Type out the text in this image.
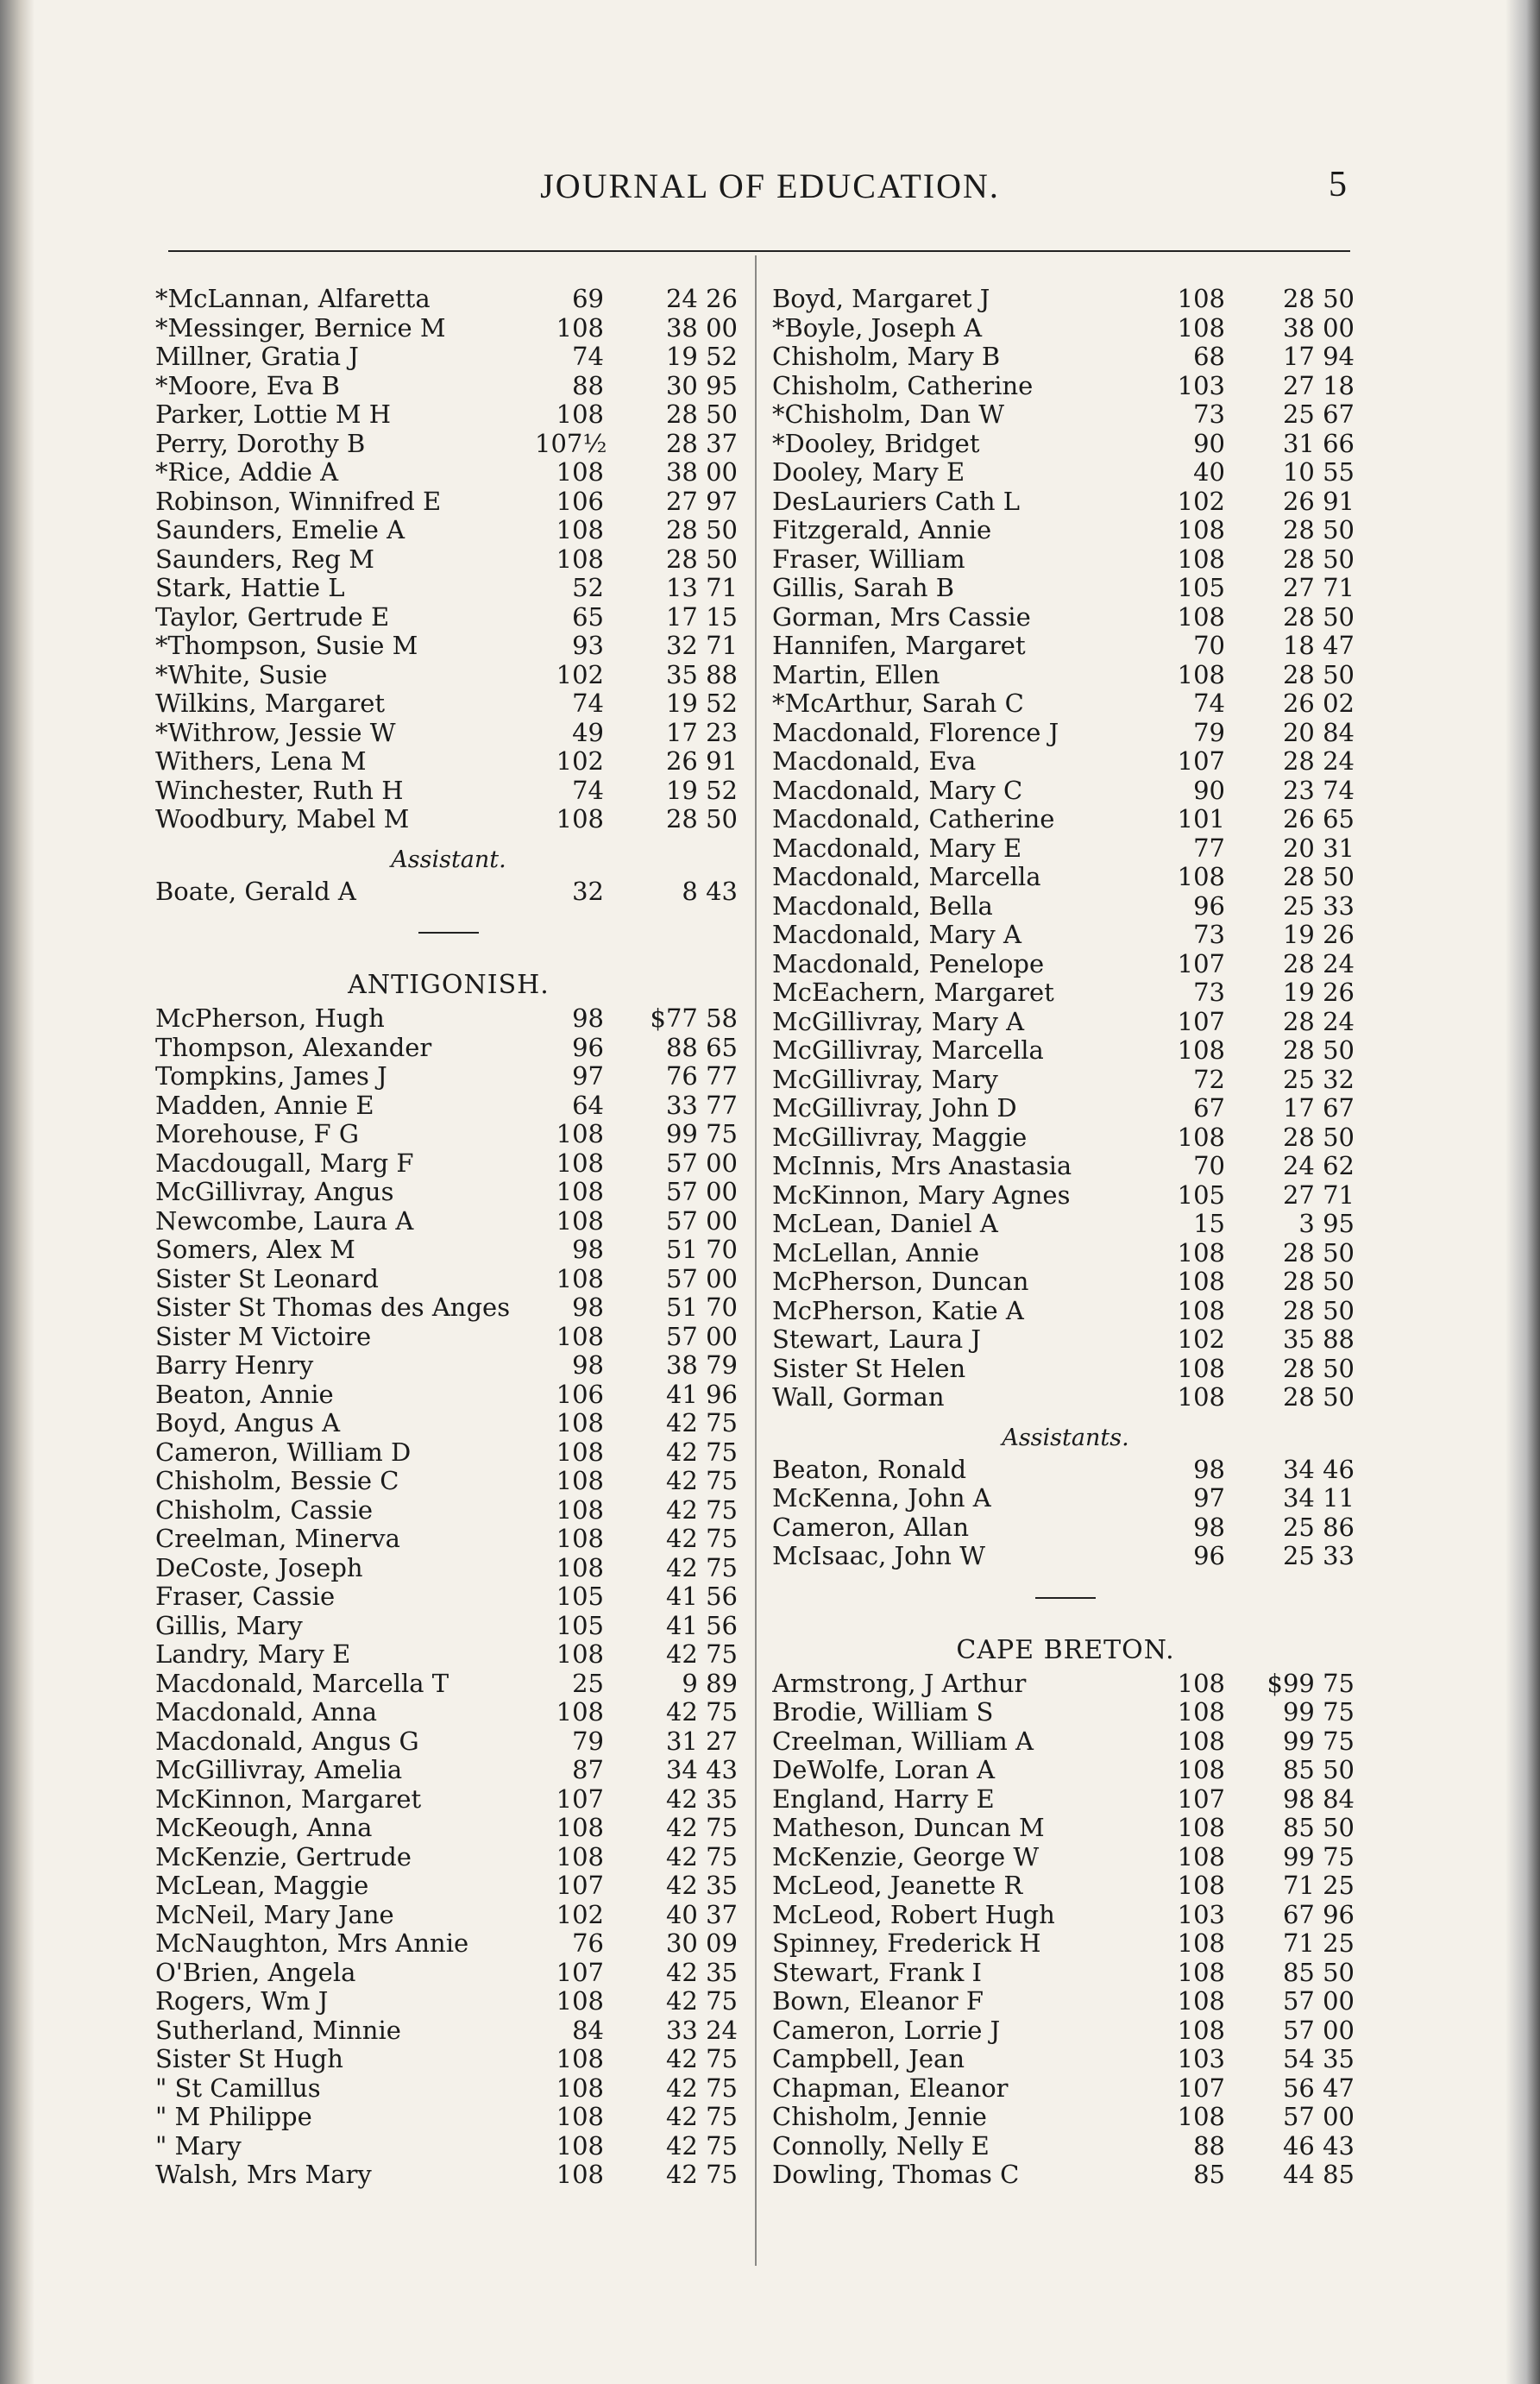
JOURNAL OF EDUCATION.	5
*McLannan, Alfaretta	69	24 26
*Messinger, Bernice M	108	38 00
Millner, Gratia J	74	19 52
*Moore, Eva B	88	30 95
Parker, Lottie M H	108	28 50
Perry, Dorothy B	107½	28 37
*Rice, Addie A	108	38 00
Robinson, Winnifred E	106	27 97
Saunders, Emelie A	108	28 50
Saunders, Reg M	108	28 50
Stark, Hattie L	52	13 71
Taylor, Gertrude E	65	17 15
*Thompson, Susie M	93	32 71
*White, Susie	102	35 88
Wilkins, Margaret	74	19 52
*Withrow, Jessie W	49	17 23
Withers, Lena M	102	26 91
Winchester, Ruth H	74	19 52
Woodbury, Mabel M	108	28 50
Assistant.
Boate, Gerald A	32	8 43
ANTIGONISH.
McPherson, Hugh	98	$77 58
Thompson, Alexander	96	88 65
Tompkins, James J	97	76 77
Madden, Annie E	64	33 77
Morehouse, F G	108	99 75
Macdougall, Marg F	108	57 00
McGillivray, Angus	108	57 00
Newcombe, Laura A	108	57 00
Somers, Alex M	98	51 70
Sister St Leonard	108	57 00
Sister St Thomas des Anges	98	51 70
Sister M Victoire	108	57 00
Barry Henry	98	38 79
Beaton, Annie	106	41 96
Boyd, Angus A	108	42 75
Cameron, William D	108	42 75
Chisholm, Bessie C	108	42 75
Chisholm, Cassie	108	42 75
Creelman, Minerva	108	42 75
DeCoste, Joseph	108	42 75
Fraser, Cassie	105	41 56
Gillis, Mary	105	41 56
Landry, Mary E	108	42 75
Macdonald, Marcella T	25	9 89
Macdonald, Anna	108	42 75
Macdonald, Angus G	79	31 27
McGillivray, Amelia	87	34 43
McKinnon, Margaret	107	42 35
McKeough, Anna	108	42 75
McKenzie, Gertrude	108	42 75
McLean, Maggie	107	42 35
McNeil, Mary Jane	102	40 37
McNaughton, Mrs Annie	76	30 09
O'Brien, Angela	107	42 35
Rogers, Wm J	108	42 75
Sutherland, Minnie	84	33 24
Sister St Hugh	108	42 75
" St Camillus	108	42 75
" M Philippe	108	42 75
" Mary	108	42 75
Walsh, Mrs Mary	108	42 75
Boyd, Margaret J	108	28 50
*Boyle, Joseph A	108	38 00
Chisholm, Mary B	68	17 94
Chisholm, Catherine	103	27 18
*Chisholm, Dan W	73	25 67
*Dooley, Bridget	90	31 66
Dooley, Mary E	40	10 55
DesLauriers Cath L	102	26 91
Fitzgerald, Annie	108	28 50
Fraser, William	108	28 50
Gillis, Sarah B	105	27 71
Gorman, Mrs Cassie	108	28 50
Hannifen, Margaret	70	18 47
Martin, Ellen	108	28 50
*McArthur, Sarah C	74	26 02
Macdonald, Florence J	79	20 84
Macdonald, Eva	107	28 24
Macdonald, Mary C	90	23 74
Macdonald, Catherine	101	26 65
Macdonald, Mary E	77	20 31
Macdonald, Marcella	108	28 50
Macdonald, Bella	96	25 33
Macdonald, Mary A	73	19 26
Macdonald, Penelope	107	28 24
McEachern, Margaret	73	19 26
McGillivray, Mary A	107	28 24
McGillivray, Marcella	108	28 50
McGillivray, Mary	72	25 32
McGillivray, John D	67	17 67
McGillivray, Maggie	108	28 50
McInnis, Mrs Anastasia	70	24 62
McKinnon, Mary Agnes	105	27 71
McLean, Daniel A	15	3 95
McLellan, Annie	108	28 50
McPherson, Duncan	108	28 50
McPherson, Katie A	108	28 50
Stewart, Laura J	102	35 88
Sister St Helen	108	28 50
Wall, Gorman	108	28 50
Assistants.
Beaton, Ronald	98	34 46
McKenna, John A	97	34 11
Cameron, Allan	98	25 86
McIsaac, John W	96	25 33
CAPE BRETON.
Armstrong, J Arthur	108	$99 75
Brodie, William S	108	99 75
Creelman, William A	108	99 75
DeWolfe, Loran A	108	85 50
England, Harry E	107	98 84
Matheson, Duncan M	108	85 50
McKenzie, George W	108	99 75
McLeod, Jeanette R	108	71 25
McLeod, Robert Hugh	103	67 96
Spinney, Frederick H	108	71 25
Stewart, Frank I	108	85 50
Bown, Eleanor F	108	57 00
Cameron, Lorrie J	108	57 00
Campbell, Jean	103	54 35
Chapman, Eleanor	107	56 47
Chisholm, Jennie	108	57 00
Connolly, Nelly E	88	46 43
Dowling, Thomas C	85	44 85
